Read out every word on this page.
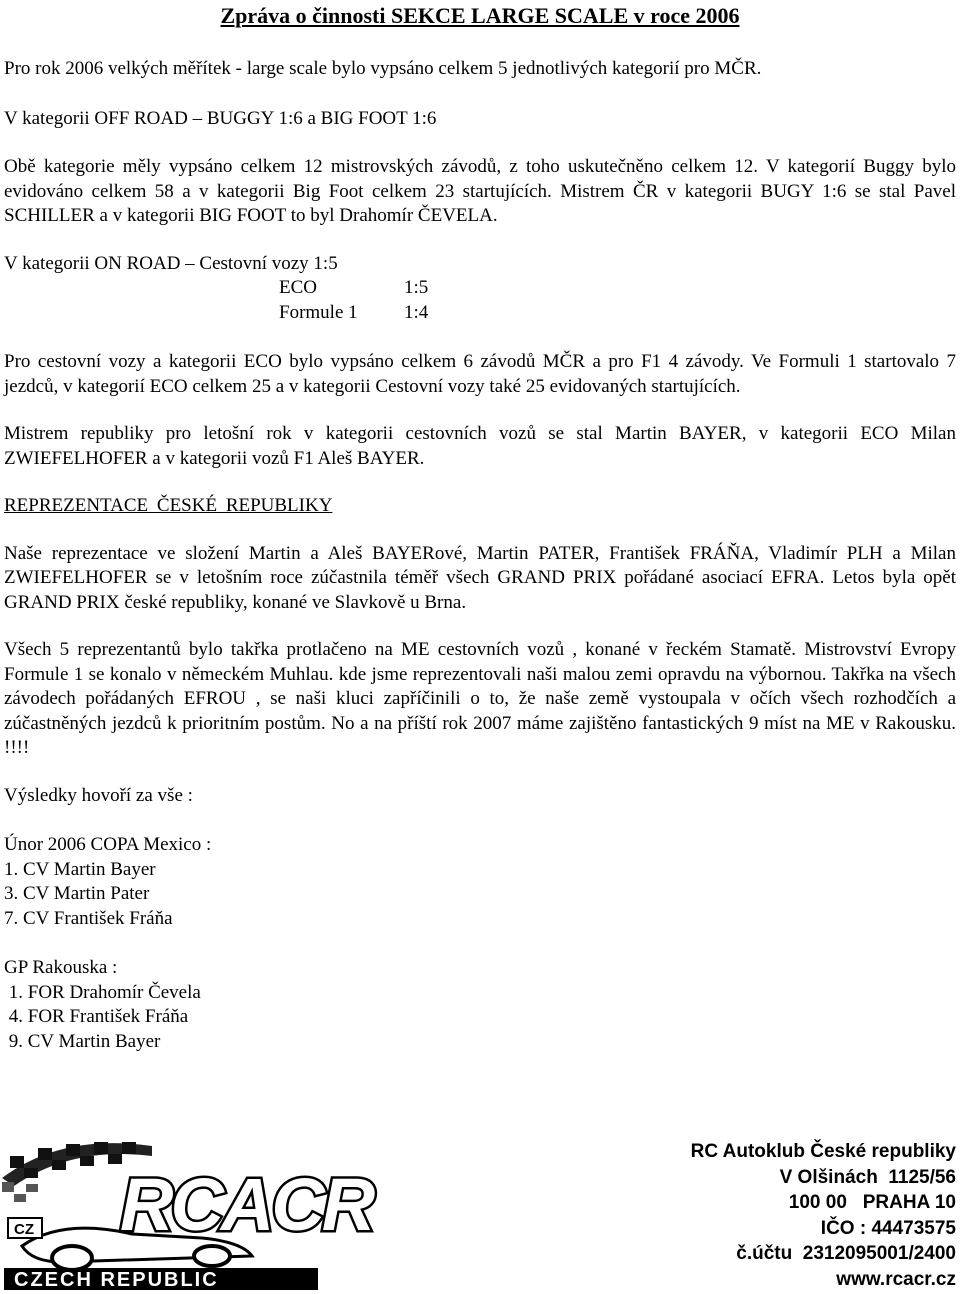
Zpráva o činnosti SEKCE LARGE SCALE v roce 2006

Pro rok 2006 velkých měřítek - large scale bylo vypsáno celkem 5 jednotlivých kategorií pro MČR.

V kategorii OFF ROAD – BUGGY 1:6 a BIG FOOT 1:6

Obě kategorie měly vypsáno celkem 12 mistrovských závodů, z toho uskutečněno celkem 12. V kategorií Buggy bylo evidováno celkem 58 a v kategorii Big Foot celkem 23 startujících. Mistrem ČR v kategorii BUGY 1:6 se stal Pavel SCHILLER a v kategorii BIG FOOT to byl Drahomír ČEVELA.

V kategorii ON ROAD – Cestovní vozy 1:5

ECO	1:5
Formule 1	1:4

Pro cestovní vozy a kategorii ECO bylo vypsáno celkem 6 závodů MČR a pro F1 4 závody. Ve Formuli 1 startovalo 7 jezdců, v kategorií ECO celkem 25 a v kategorii Cestovní vozy také 25 evidovaných startujících.

Mistrem republiky pro letošní rok v kategorii cestovních vozů se stal Martin BAYER, v kategorii ECO Milan ZWIEFELHOFER a v kategorii vozů F1 Aleš BAYER.

REPREZENTACE ČESKÉ REPUBLIKY

Naše reprezentace ve složení Martin a Aleš BAYERové, Martin PATER, František FRÁŇA, Vladimír PLH a Milan ZWIEFELHOFER se v letošním roce zúčastnila téměř všech GRAND PRIX pořádané asociací EFRA. Letos byla opět GRAND PRIX české republiky, konané ve Slavkově u Brna.

Všech 5 reprezentantů bylo takřka protlačeno na ME cestovních vozů , konané v řeckém Stamatě. Mistrovství Evropy Formule 1 se konalo v německém Muhlau. kde jsme reprezentovali naši malou zemi opravdu na výbornou. Takřka na všech závodech pořádaných EFROU , se naši kluci zapříčinili o to, že naše země vystoupala v očích všech rozhodčích a zúčastněných jezdců k prioritním postům. No a na příští rok 2007 máme zajištěno fantastických 9 míst na ME v Rakousku. !!!!

Výsledky hovoří za vše :

Únor 2006 COPA Mexico :

1. CV Martin Bayer

3. CV Martin Pater

7. CV František Fráňa

GP Rakouska :

1. FOR Drahomír Čevela

4. FOR František Fráňa

9. CV Martin Bayer

RCACR
CZ
CZECH REPUBLIC
RC Autoklub České republiky
V Olšinách  1125/56
100 00   PRAHA 10
IČO : 44473575
č.účtu  2312095001/2400
www.rcacr.cz
